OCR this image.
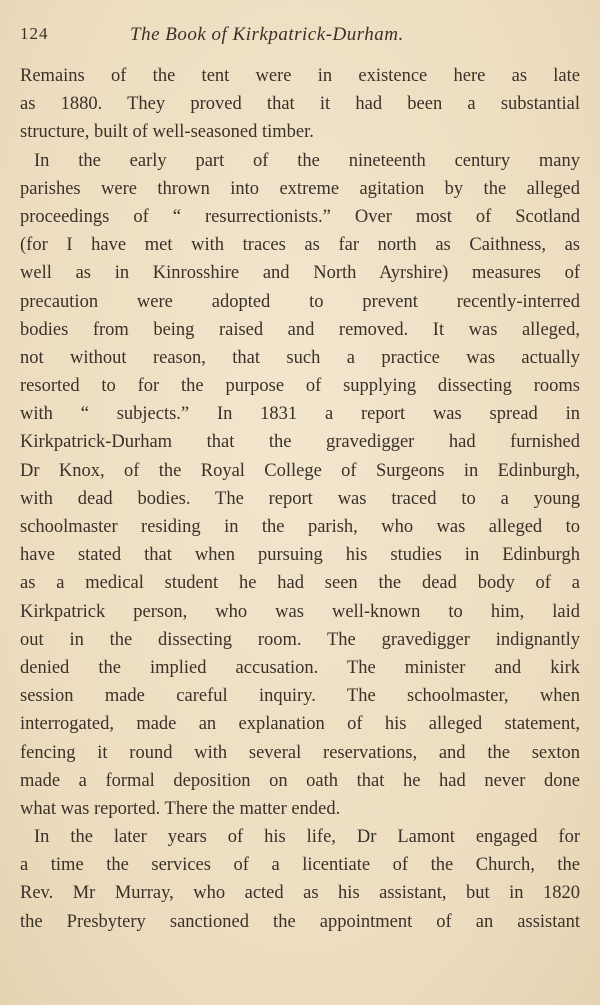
124	The Book of Kirkpatrick-Durham.
Remains of the tent were in existence here as late
as 1880. They proved that it had been a substantial
structure, built of well-seasoned timber.
In the early part of the nineteenth century many
parishes were thrown into extreme agitation by the alleged
proceedings of “ resurrectionists.” Over most of Scotland
(for I have met with traces as far north as Caithness, as
well as in Kinrosshire and North Ayrshire) measures of
precaution were adopted to prevent recently-interred
bodies from being raised and removed. It was alleged,
not without reason, that such a practice was actually
resorted to for the purpose of supplying dissecting rooms
with “ subjects.” In 1831 a report was spread in
Kirkpatrick-Durham that the gravedigger had furnished
Dr Knox, of the Royal College of Surgeons in Edinburgh,
with dead bodies. The report was traced to a young
schoolmaster residing in the parish, who was alleged to
have stated that when pursuing his studies in Edinburgh
as a medical student he had seen the dead body of a
Kirkpatrick person, who was well-known to him, laid
out in the dissecting room. The gravedigger indignantly
denied the implied accusation. The minister and kirk
session made careful inquiry. The schoolmaster, when
interrogated, made an explanation of his alleged statement,
fencing it round with several reservations, and the sexton
made a formal deposition on oath that he had never done
what was reported. There the matter ended.
In the later years of his life, Dr Lamont engaged for
a time the services of a licentiate of the Church, the
Rev. Mr Murray, who acted as his assistant, but in 1820
the Presbytery sanctioned the appointment of an assistant
